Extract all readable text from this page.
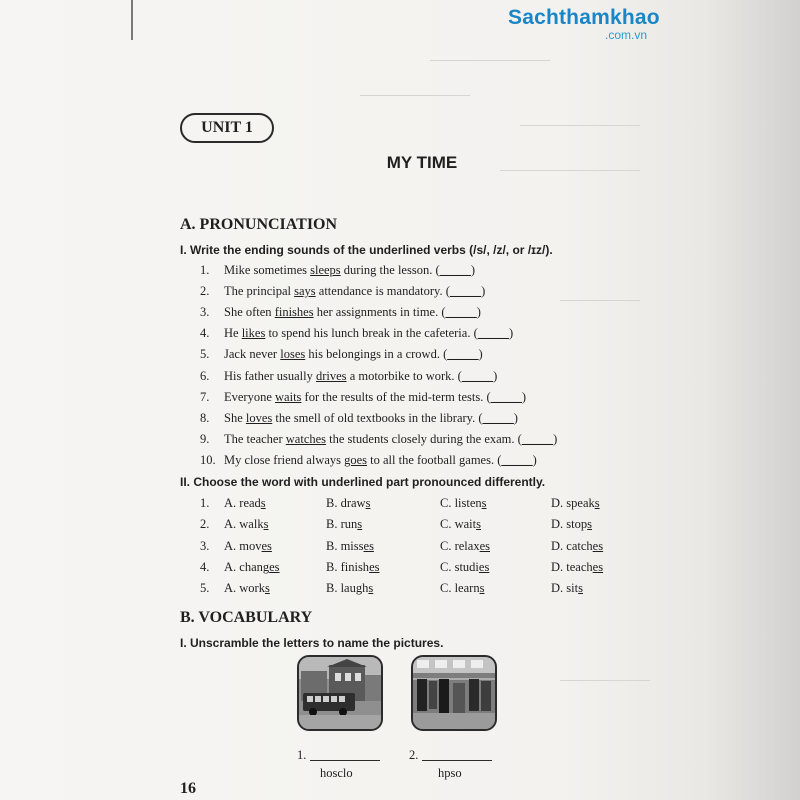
Sachthamkhao
.com.vn
UNIT 1
MY TIME
A. PRONUNCIATION
I. Write the ending sounds of the underlined verbs (/s/, /z/, or /ɪz/).
1. Mike sometimes sleeps during the lesson. (_____)
2. The principal says attendance is mandatory. (_____)
3. She often finishes her assignments in time. (_____)
4. He likes to spend his lunch break in the cafeteria. (_____)
5. Jack never loses his belongings in a crowd. (_____)
6. His father usually drives a motorbike to work. (_____)
7. Everyone waits for the results of the mid-term tests. (_____)
8. She loves the smell of old textbooks in the library. (_____)
9. The teacher watches the students closely during the exam. (_____)
10. My close friend always goes to all the football games. (_____)
II. Choose the word with underlined part pronounced differently.
1. A. reads	B. draws	C. listens	D. speaks
2. A. walks	B. runs	C. waits	D. stops
3. A. moves	B. misses	C. relaxes	D. catches
4. A. changes	B. finishes	C. studies	D. teaches
5. A. works	B. laughs	C. learns	D. sits
B. VOCABULARY
I. Unscramble the letters to name the pictures.
1.
hosclo
2.
hpso
16
